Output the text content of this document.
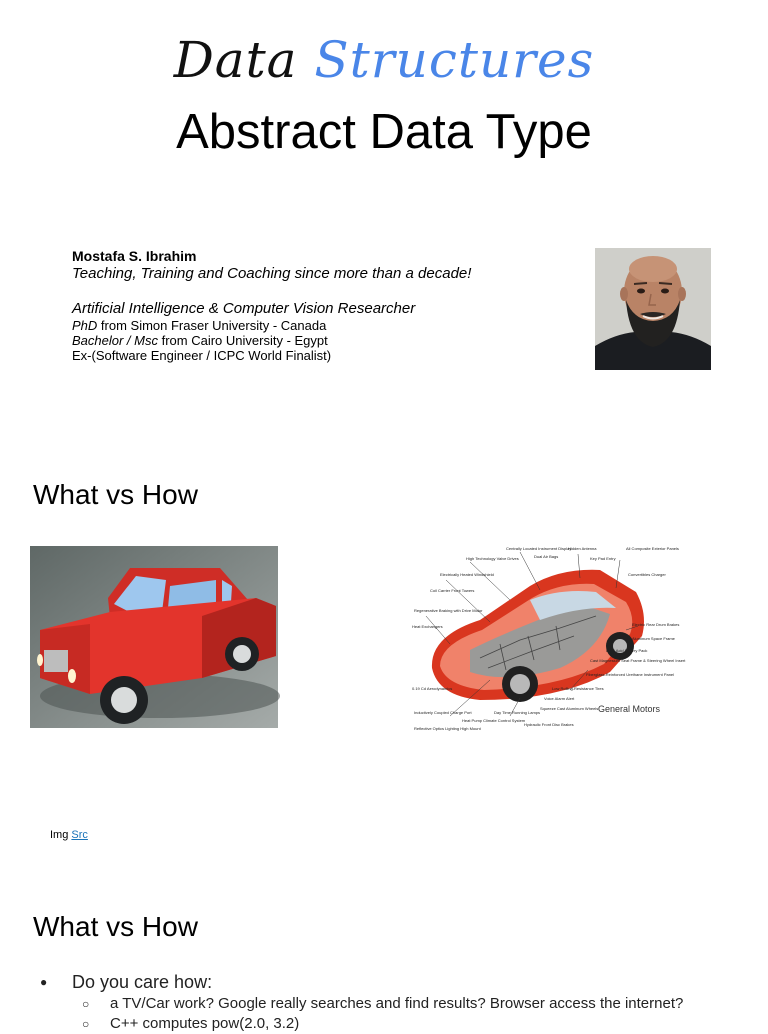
Data Structures
Abstract Data Type
Mostafa S. Ibrahim
Teaching, Training and Coaching since more than a decade!
Artificial Intelligence & Computer Vision Researcher
PhD from Simon Fraser University - Canada
Bachelor / Msc from Cairo University - Egypt
Ex-(Software Engineer / ICPC World Finalist)
What vs How
Centrally Located Instrument Display
Hidden Antenna	All Composite Exterior Panels
High Technology Valve Drives	Dual Air Bags	Key Pad Entry
Convertibles Charger
Electrically Heated Windshield
Coil Carrier Front Towers
Regenerative Braking with Drive Motor
Heat Exchangers	Electric Rear Drum Brakes
Aluminum Space Frame
Lead Acid Battery Pack
Cast Magnesium Seat Frame & Steering Wheel Insert
Fiberglass-Reinforced Urethane Instrument Panel
0.19 Cd Aerodynamics	Low Rolling-Resistance Tires
Inductively Coupled Charge Port
Heat Pump Climate Control System
Reflective Optics Lighting High Mount
Day Time Running Lamps
Squeeze Cast Aluminum Wheels
Hydraulic Front Disc Brakes
Voice Alarm Alert
General Motors
Img Src
What vs How
● Do you care how:
○ a TV/Car work? Google really searches and find results? Browser access the internet?
○ C++ computes pow(2.0, 3.2)
